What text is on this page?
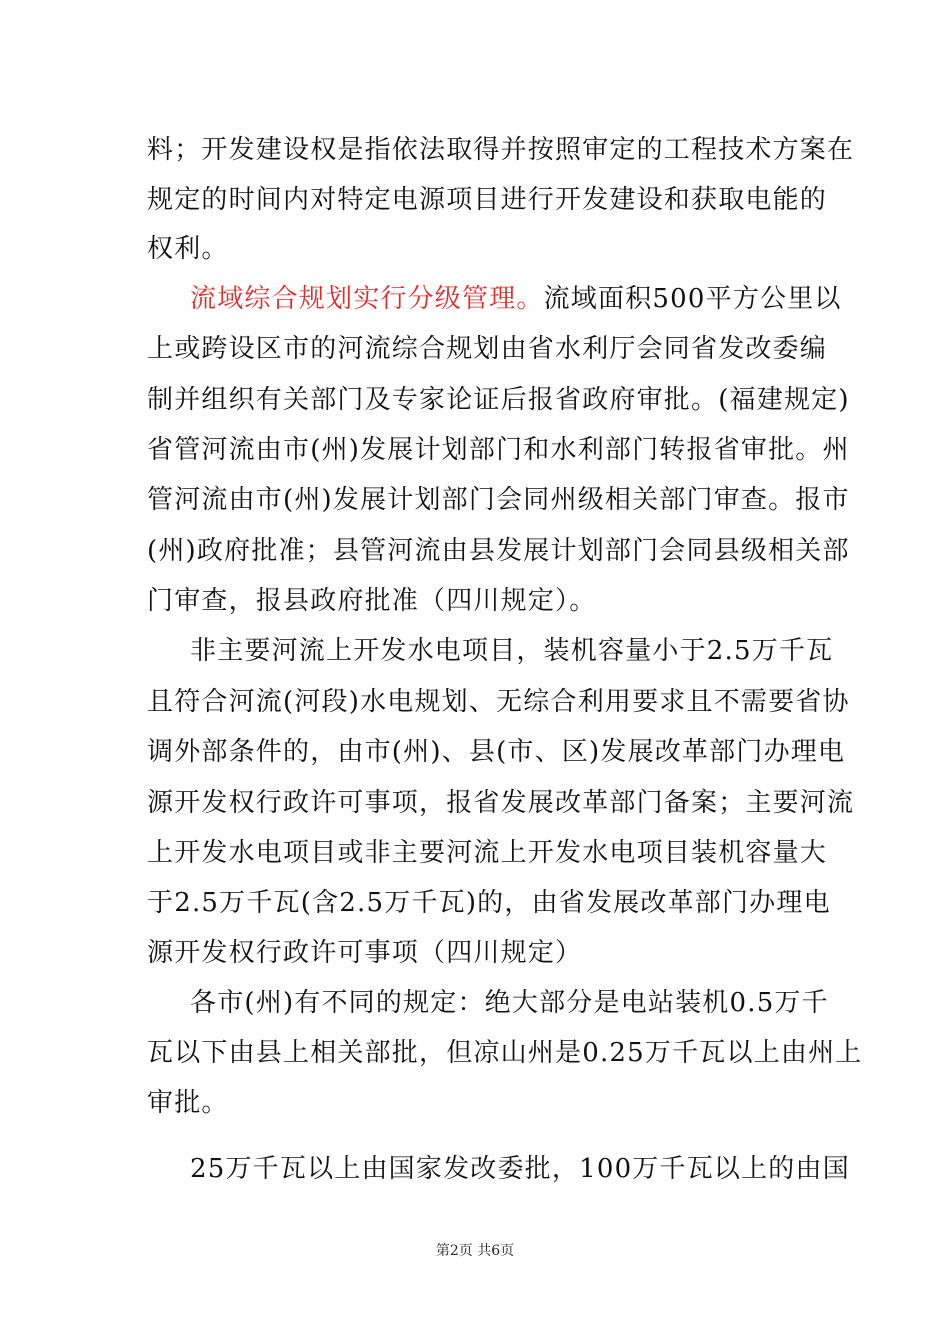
料；开发建设权是指依法取得并按照审定的工程技术方案在
规定的时间内对特定电源项目进行开发建设和获取电能的
权利。
流域综合规划实行分级管理。流域面积500平方公里以
上或跨设区市的河流综合规划由省水利厅会同省发改委编
制并组织有关部门及专家论证后报省政府审批。(福建规定)
省管河流由市(州)发展计划部门和水利部门转报省审批。州
管河流由市(州)发展计划部门会同州级相关部门审查。报市
(州)政府批准；县管河流由县发展计划部门会同县级相关部
门审查，报县政府批准（四川规定）。
非主要河流上开发水电项目，装机容量小于2.5万千瓦
且符合河流(河段)水电规划、无综合利用要求且不需要省协
调外部条件的，由市(州)、县(市、区)发展改革部门办理电
源开发权行政许可事项，报省发展改革部门备案；主要河流
上开发水电项目或非主要河流上开发水电项目装机容量大
于2.5万千瓦(含2.5万千瓦)的，由省发展改革部门办理电
源开发权行政许可事项（四川规定）
各市(州)有不同的规定：绝大部分是电站装机0.5万千
瓦以下由县上相关部批，但凉山州是0.25万千瓦以上由州上
审批。
25万千瓦以上由国家发改委批，100万千瓦以上的由国
第2页 共6页
